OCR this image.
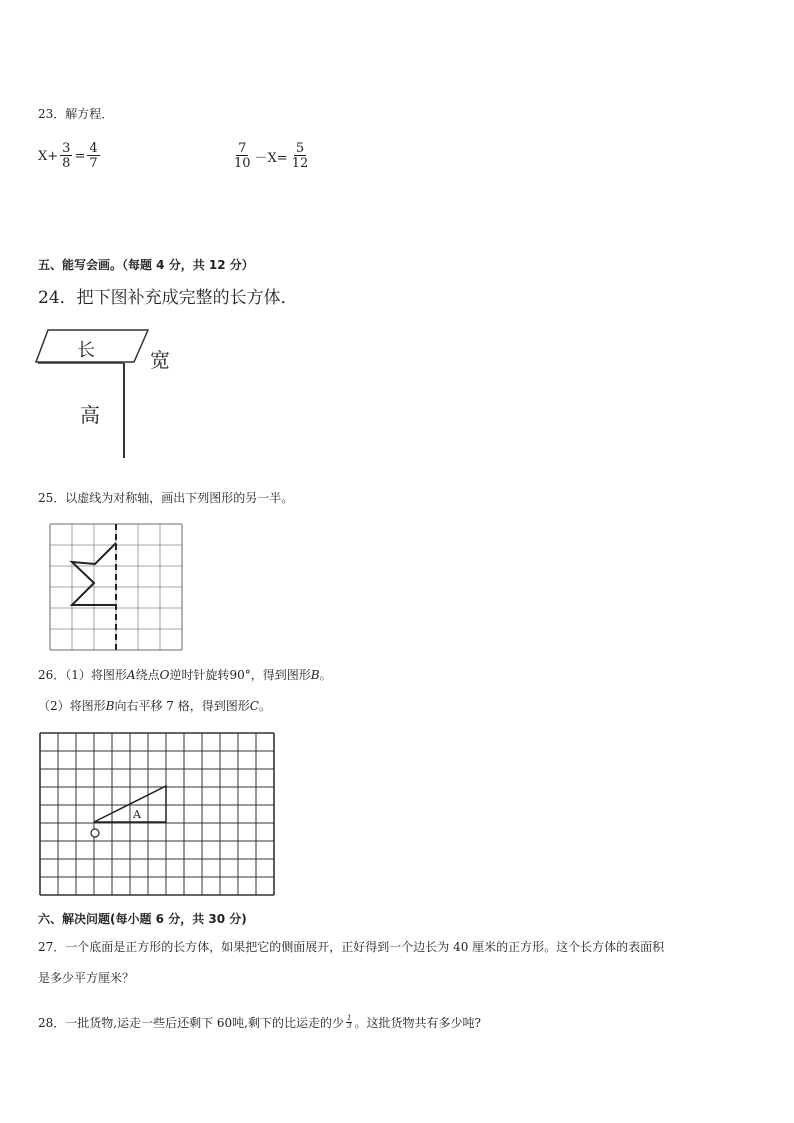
23．解方程．
$X+ \frac{3}{8} = \frac{4}{7}$	$\frac{7}{10} -X= \frac{5}{12}$
五、能写会画。（每题 4 分，共 12 分）
24．把下图补充成完整的长方体．
长	宽
高
25．以虚线为对称轴，画出下列图形的另一半。
26．（1）将图形A绕点O逆时针旋转90°，得到图形B。
（2）将图形B向右平移 7 格，得到图形C。
A
六、解决问题(每小题 6 分，共 30 分)
27．一个底面是正方形的长方体，如果把它的侧面展开，正好得到一个边长为 40 厘米的正方形。这个长方体的表面积
是多少平方厘米？
28．一批货物,运走一些后还剩下 60吨,剩下的比运走的少 $\frac{1}{3}$ 。这批货物共有多少吨?
